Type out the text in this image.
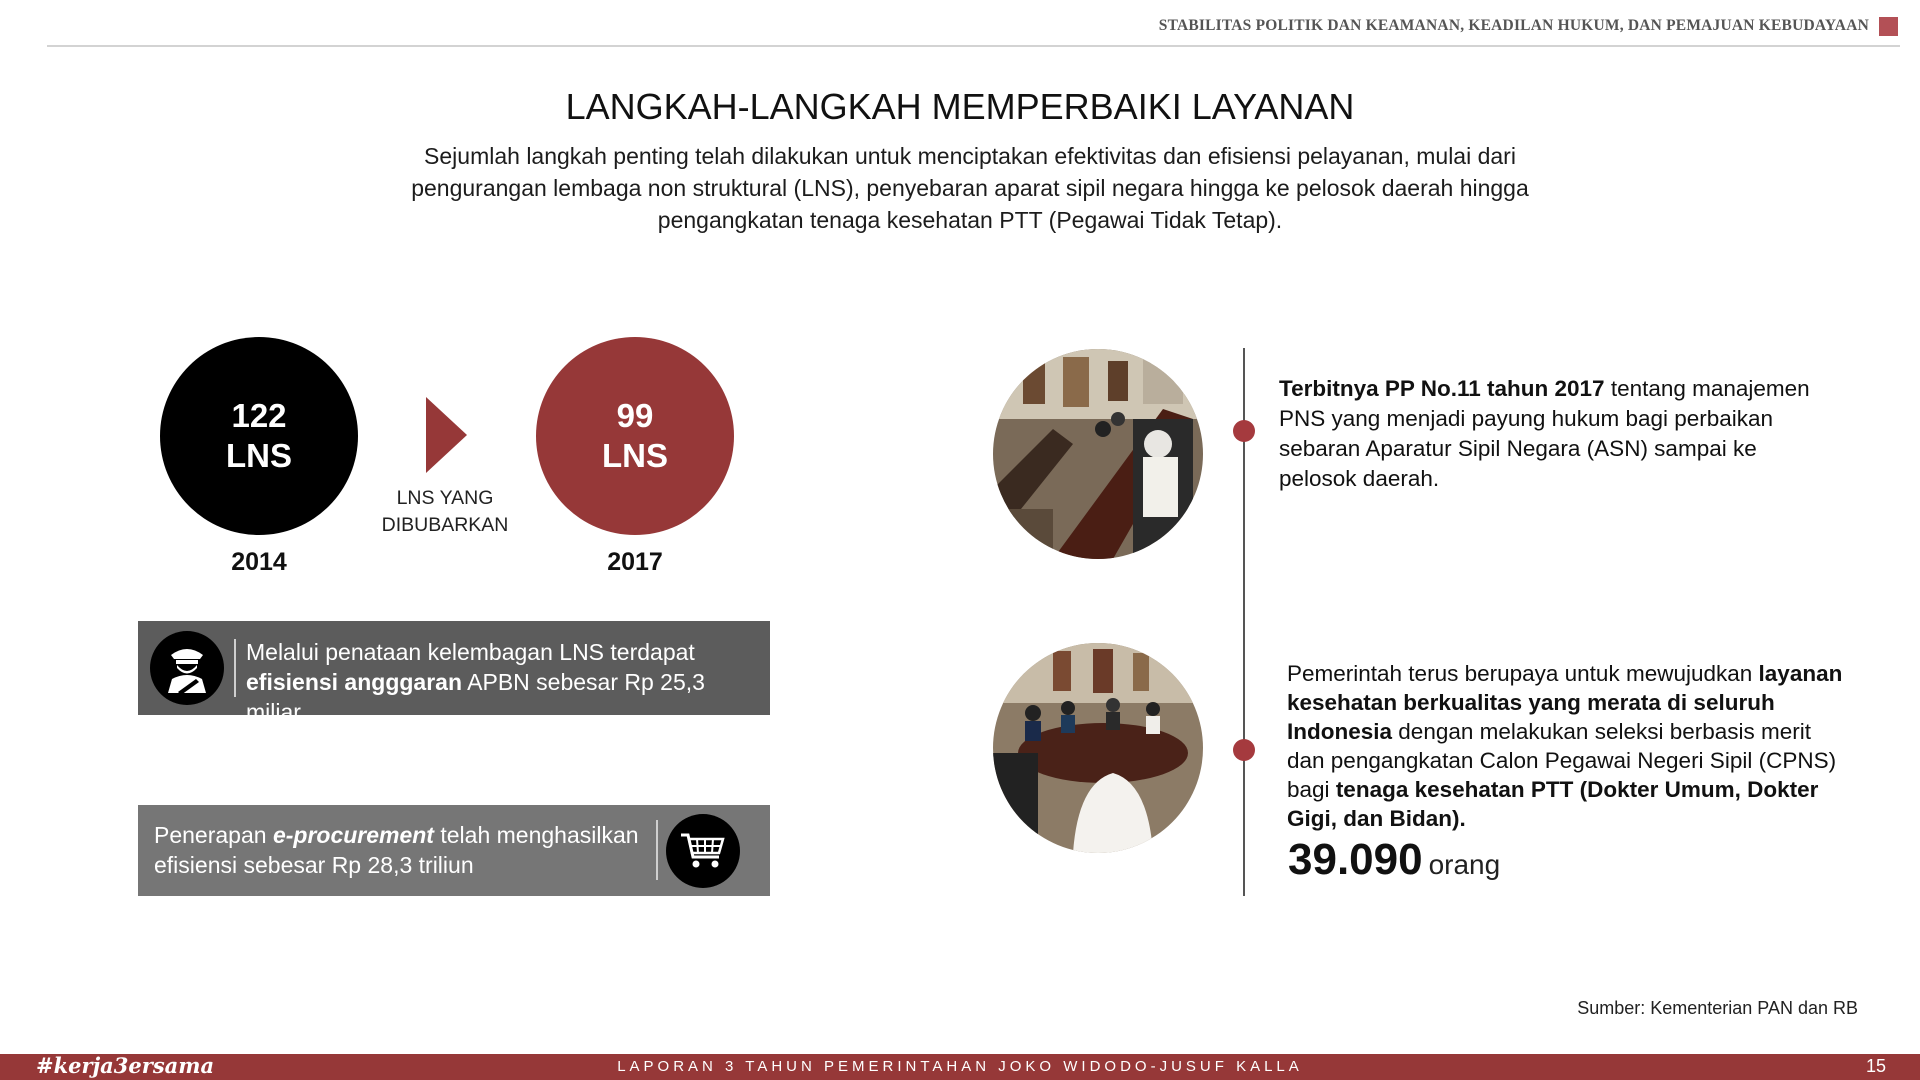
STABILITAS POLITIK DAN KEAMANAN, KEADILAN HUKUM, DAN PEMAJUAN KEBUDAYAAN
LANGKAH-LANGKAH MEMPERBAIKI LAYANAN
Sejumlah langkah penting telah dilakukan untuk menciptakan efektivitas dan efisiensi pelayanan, mulai dari pengurangan lembaga non struktural (LNS), penyebaran aparat sipil negara hingga ke pelosok daerah hingga pengangkatan tenaga kesehatan PTT (Pegawai Tidak Tetap).
122
LNS
2014
LNS YANG
DIBUBARKAN
99
LNS
2017
Melalui penataan kelembagan LNS terdapat
efisiensi angggaran APBN sebesar Rp 25,3 miliar
Penerapan e-procurement telah menghasilkan
efisiensi sebesar Rp 28,3 triliun
Terbitnya PP No.11 tahun 2017 tentang manajemen PNS yang menjadi payung hukum bagi perbaikan sebaran Aparatur Sipil Negara (ASN) sampai ke pelosok daerah.
Pemerintah terus berupaya untuk mewujudkan layanan kesehatan berkualitas yang merata di seluruh Indonesia dengan melakukan seleksi berbasis merit dan pengangkatan Calon Pegawai Negeri Sipil (CPNS) bagi tenaga kesehatan PTT (Dokter Umum, Dokter Gigi, dan Bidan).
39.090 orang
Sumber: Kementerian PAN dan RB
#kerja3ersama	LAPORAN 3 TAHUN PEMERINTAHAN JOKO WIDODO-JUSUF KALLA	15
